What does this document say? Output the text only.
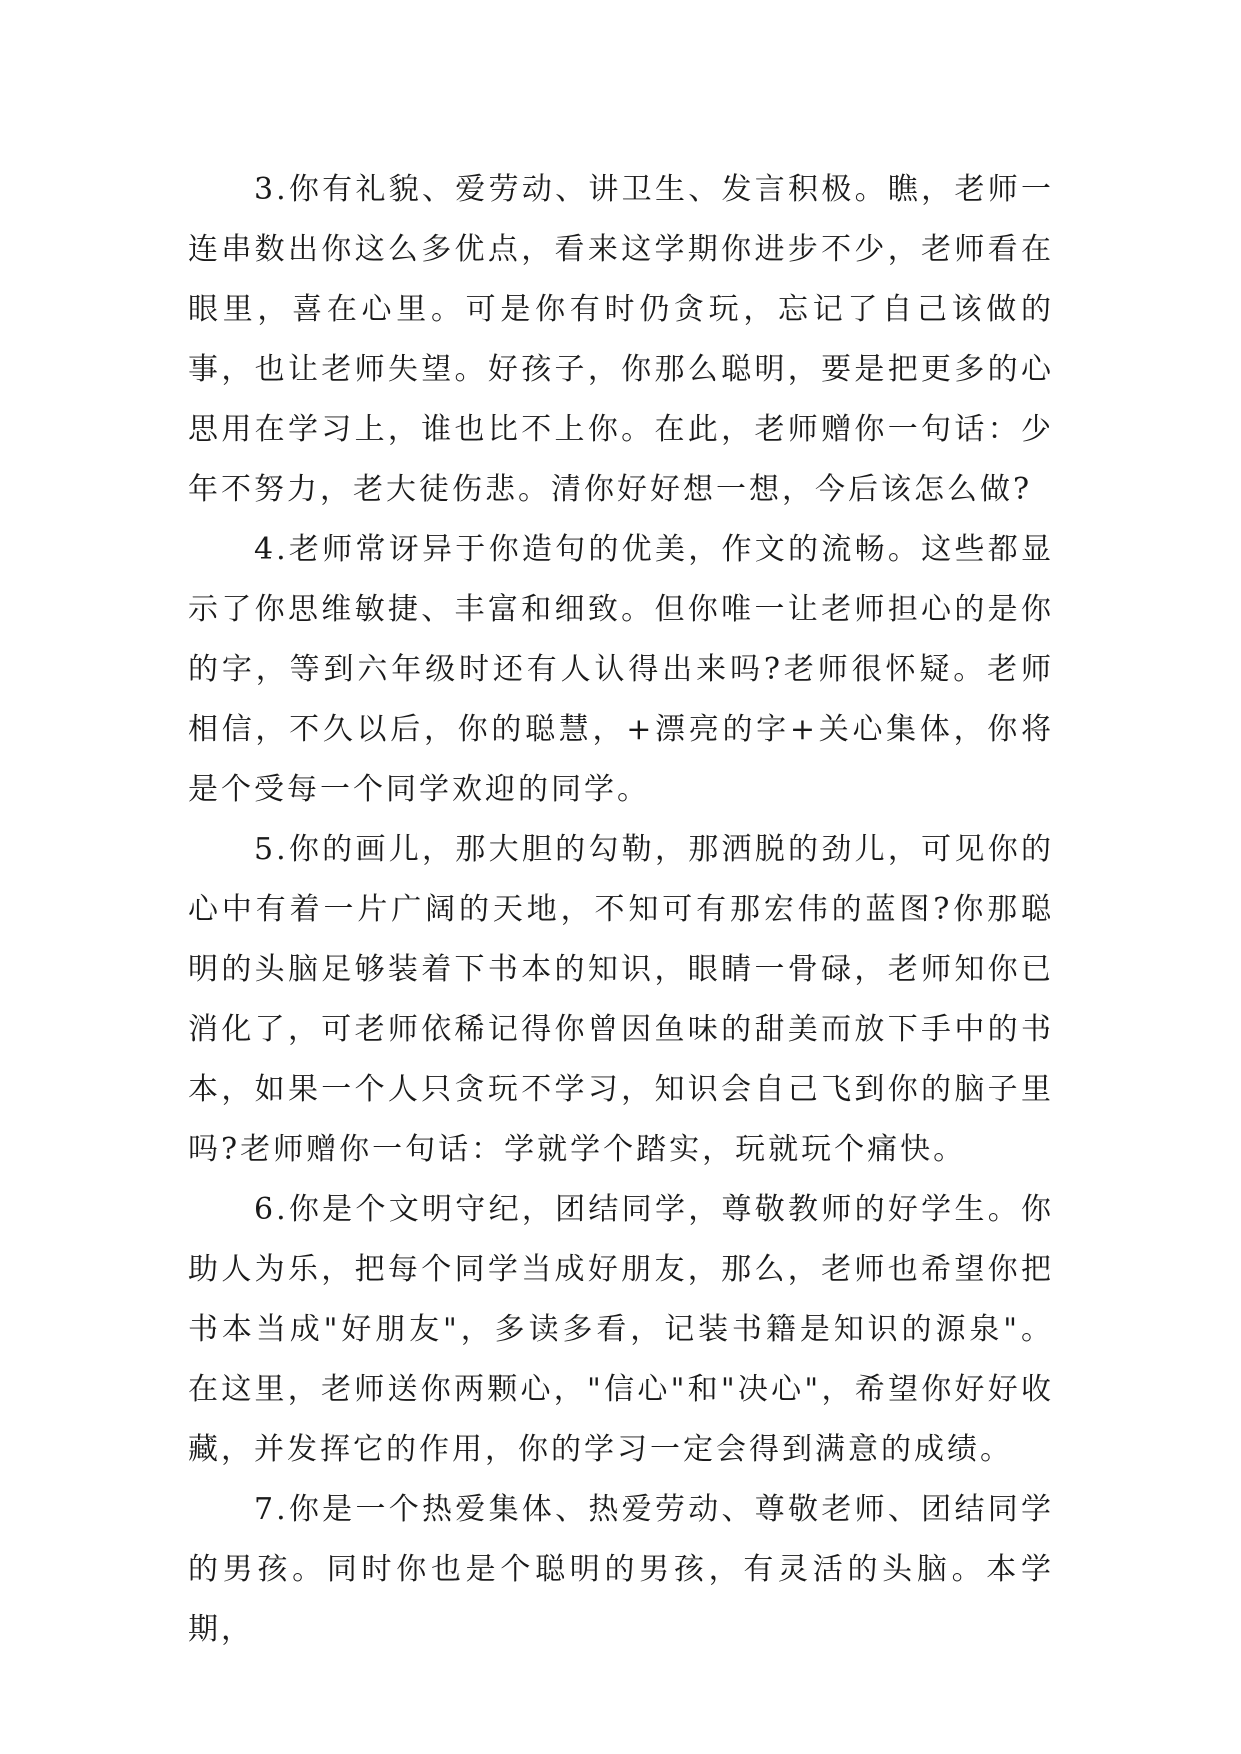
3.你有礼貌、爱劳动、讲卫生、发言积极。瞧，老师一连串数出你这么多优点，看来这学期你进步不少，老师看在眼里，喜在心里。可是你有时仍贪玩，忘记了自己该做的事，也让老师失望。好孩子，你那么聪明，要是把更多的心思用在学习上，谁也比不上你。在此，老师赠你一句话：少年不努力，老大徒伤悲。清你好好想一想，今后该怎么做?

4.老师常讶异于你造句的优美，作文的流畅。这些都显示了你思维敏捷、丰富和细致。但你唯一让老师担心的是你的字，等到六年级时还有人认得出来吗?老师很怀疑。老师相信，不久以后，你的聪慧，+漂亮的字+关心集体，你将是个受每一个同学欢迎的同学。

5.你的画儿，那大胆的勾勒，那洒脱的劲儿，可见你的心中有着一片广阔的天地，不知可有那宏伟的蓝图?你那聪明的头脑足够装着下书本的知识，眼睛一骨碌，老师知你已消化了，可老师依稀记得你曾因鱼味的甜美而放下手中的书本，如果一个人只贪玩不学习，知识会自己飞到你的脑子里吗?老师赠你一句话：学就学个踏实，玩就玩个痛快。

6.你是个文明守纪，团结同学，尊敬教师的好学生。你助人为乐，把每个同学当成好朋友，那么，老师也希望你把书本当成"好朋友"，多读多看，记装书籍是知识的源泉"。在这里，老师送你两颗心，"信心"和"决心"，希望你好好收藏，并发挥它的作用，你的学习一定会得到满意的成绩。

7.你是一个热爱集体、热爱劳动、尊敬老师、团结同学的男孩。同时你也是个聪明的男孩，有灵活的头脑。本学期，
